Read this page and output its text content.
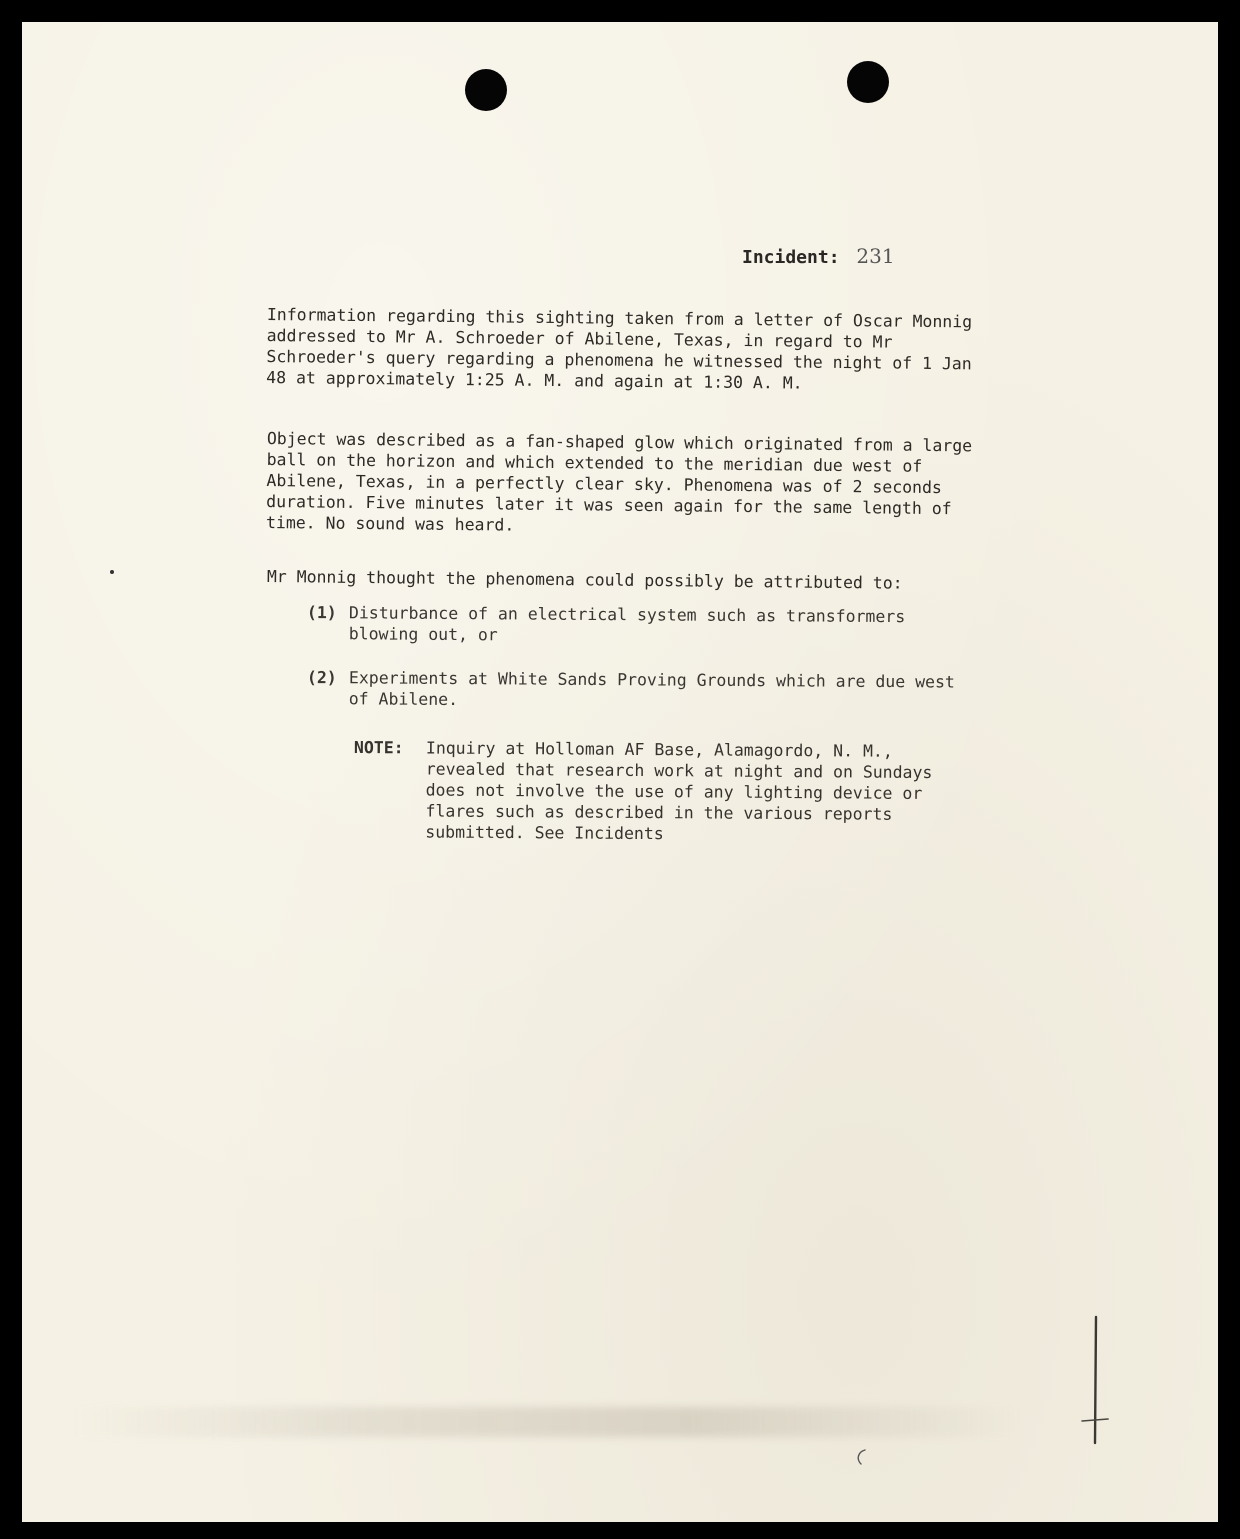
Incident: 231
Information regarding this sighting taken from a letter of Oscar Monnig addressed to Mr A. Schroeder of Abilene, Texas, in regard to Mr Schroeder's query regarding a phenomena he witnessed the night of 1 Jan 48 at approximately 1:25 A. M. and again at 1:30 A. M.
Object was described as a fan-shaped glow which originated from a large ball on the horizon and which extended to the meridian due west of Abilene, Texas, in a perfectly clear sky. Phenomena was of 2 seconds duration. Five minutes later it was seen again for the same length of time. No sound was heard.
Mr Monnig thought the phenomena could possibly be attributed to:
(1) Disturbance of an electrical system such as transformers blowing out, or
(2) Experiments at White Sands Proving Grounds which are due west of Abilene.
NOTE:	Inquiry at Holloman AF Base, Alamagordo, N. M., revealed that research work at night and on Sundays does not involve the use of any lighting device or flares such as described in the various reports submitted. See Incidents
